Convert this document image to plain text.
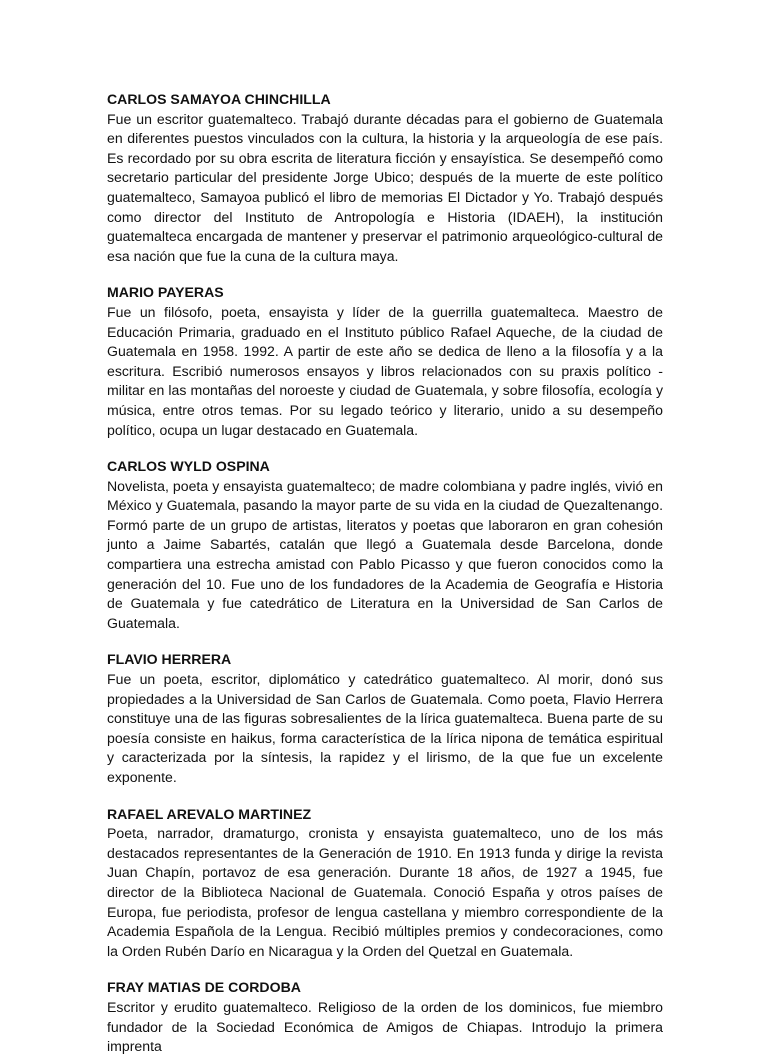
CARLOS SAMAYOA CHINCHILLA

Fue un escritor guatemalteco. Trabajó durante décadas para el gobierno de Guatemala en diferentes puestos vinculados con la cultura, la historia y la arqueología de ese país. Es recordado por su obra escrita de literatura ficción y ensayística. Se desempeñó como secretario particular del presidente Jorge Ubico; después de la muerte de este político guatemalteco, Samayoa publicó el libro de memorias El Dictador y Yo. Trabajó después como director del Instituto de Antropología e Historia (IDAEH), la institución guatemalteca encargada de mantener y preservar el patrimonio arqueológico-cultural de esa nación que fue la cuna de la cultura maya.

MARIO PAYERAS

Fue un filósofo, poeta, ensayista y líder de la guerrilla guatemalteca. Maestro de Educación Primaria, graduado en el Instituto público Rafael Aqueche, de la ciudad de Guatemala en 1958. 1992. A partir de este año se dedica de lleno a la filosofía y a la escritura. Escribió numerosos ensayos y libros relacionados con su praxis político - militar en las montañas del noroeste y ciudad de Guatemala, y sobre filosofía, ecología y música, entre otros temas. Por su legado teórico y literario, unido a su desempeño político, ocupa un lugar destacado en Guatemala.

CARLOS WYLD OSPINA

Novelista, poeta y ensayista guatemalteco; de madre colombiana y padre inglés, vivió en México y Guatemala, pasando la mayor parte de su vida en la ciudad de Quezaltenango. Formó parte de un grupo de artistas, literatos y poetas que laboraron en gran cohesión junto a Jaime Sabartés, catalán que llegó a Guatemala desde Barcelona, donde compartiera una estrecha amistad con Pablo Picasso y que fueron conocidos como la generación del 10. Fue uno de los fundadores de la Academia de Geografía e Historia de Guatemala y fue catedrático de Literatura en la Universidad de San Carlos de Guatemala.

FLAVIO HERRERA

Fue un poeta, escritor, diplomático y catedrático guatemalteco. Al morir, donó sus propiedades a la Universidad de San Carlos de Guatemala. Como poeta, Flavio Herrera constituye una de las figuras sobresalientes de la lírica guatemalteca. Buena parte de su poesía consiste en haikus, forma característica de la lírica nipona de temática espiritual y caracterizada por la síntesis, la rapidez y el lirismo, de la que fue un excelente exponente.

RAFAEL AREVALO MARTINEZ

Poeta, narrador, dramaturgo, cronista y ensayista guatemalteco, uno de los más destacados representantes de la Generación de 1910. En 1913 funda y dirige la revista Juan Chapín, portavoz de esa generación. Durante 18 años, de 1927 a 1945, fue director de la Biblioteca Nacional de Guatemala. Conoció España y otros países de Europa, fue periodista, profesor de lengua castellana y miembro correspondiente de la Academia Española de la Lengua. Recibió múltiples premios y condecoraciones, como la Orden Rubén Darío en Nicaragua y la Orden del Quetzal en Guatemala.

FRAY MATIAS DE CORDOBA

Escritor y erudito guatemalteco. Religioso de la orden de los dominicos, fue miembro fundador de la Sociedad Económica de Amigos de Chiapas. Introdujo la primera imprenta
